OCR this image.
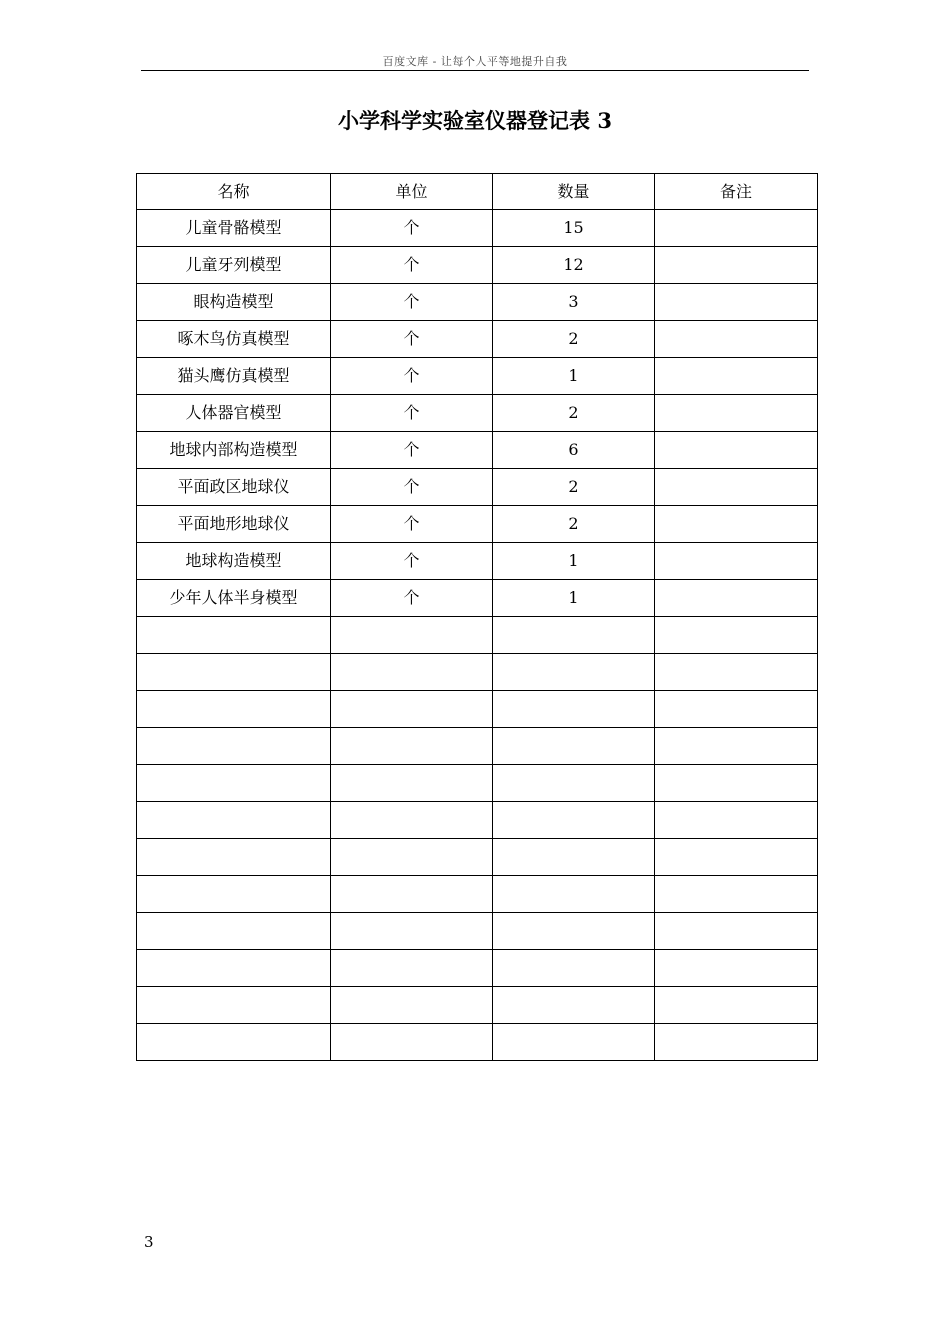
百度文库 - 让每个人平等地提升自我
小学科学实验室仪器登记表 3
名称	单位	数量	备注
儿童骨骼模型	个	15	
儿童牙列模型	个	12	
眼构造模型	个	3	
啄木鸟仿真模型	个	2	
猫头鹰仿真模型	个	1	
人体器官模型	个	2	
地球内部构造模型	个	6	
平面政区地球仪	个	2	
平面地形地球仪	个	2	
地球构造模型	个	1	
少年人体半身模型	个	1	

3
